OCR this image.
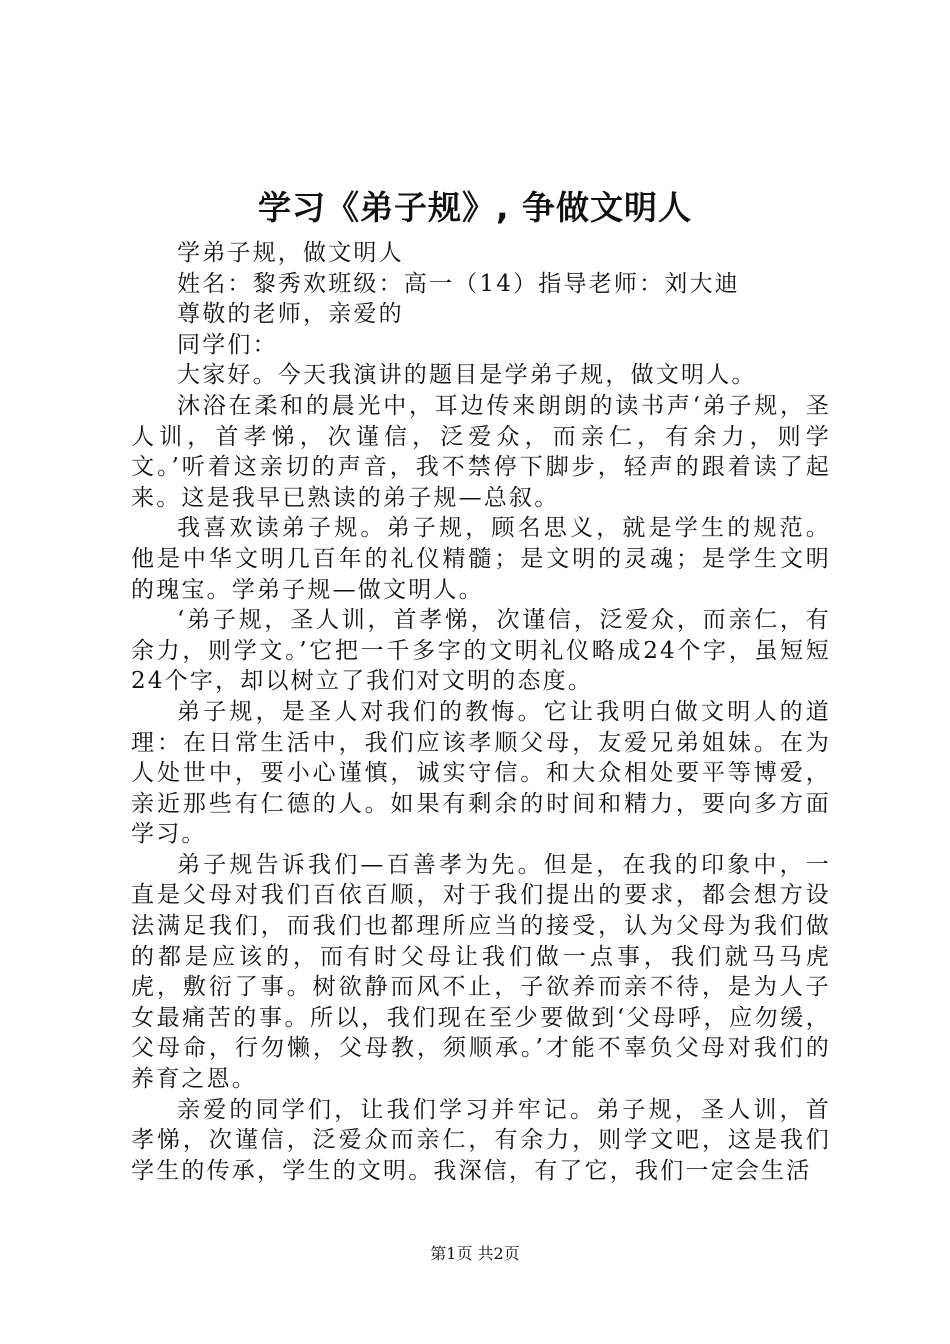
学习《弟子规》, 争做文明人

学弟子规，做文明人

姓名：黎秀欢班级：高一（14）指导老师：刘大迪

尊敬的老师，亲爱的

同学们：

大家好。今天我演讲的题目是学弟子规，做文明人。

沐浴在柔和的晨光中，耳边传来朗朗的读书声‘弟子规，圣人训，首孝悌，次谨信，泛爱众，而亲仁，有余力，则学文。’听着这亲切的声音，我不禁停下脚步，轻声的跟着读了起来。这是我早已熟读的弟子规—总叙。

我喜欢读弟子规。弟子规，顾名思义，就是学生的规范。他是中华文明几百年的礼仪精髓；是文明的灵魂；是学生文明的瑰宝。学弟子规—做文明人。

‘弟子规，圣人训，首孝悌，次谨信，泛爱众，而亲仁，有余力，则学文。’它把一千多字的文明礼仪略成24个字，虽短短24个字，却以树立了我们对文明的态度。

弟子规，是圣人对我们的教悔。它让我明白做文明人的道理：在日常生活中，我们应该孝顺父母，友爱兄弟姐妹。在为人处世中，要小心谨慎，诚实守信。和大众相处要平等博爱，亲近那些有仁德的人。如果有剩余的时间和精力，要向多方面学习。

弟子规告诉我们—百善孝为先。但是，在我的印象中，一直是父母对我们百依百顺，对于我们提出的要求，都会想方设法满足我们，而我们也都理所应当的接受，认为父母为我们做的都是应该的，而有时父母让我们做一点事，我们就马马虎虎，敷衍了事。树欲静而风不止，子欲养而亲不待，是为人子女最痛苦的事。所以，我们现在至少要做到‘父母呼，应勿缓，父母命，行勿懒，父母教，须顺承。’才能不辜负父母对我们的养育之恩。

亲爱的同学们，让我们学习并牢记。弟子规，圣人训，首孝悌，次谨信，泛爱众而亲仁，有余力，则学文吧，这是我们学生的传承，学生的文明。我深信，有了它，我们一定会生活

第1页 共2页
